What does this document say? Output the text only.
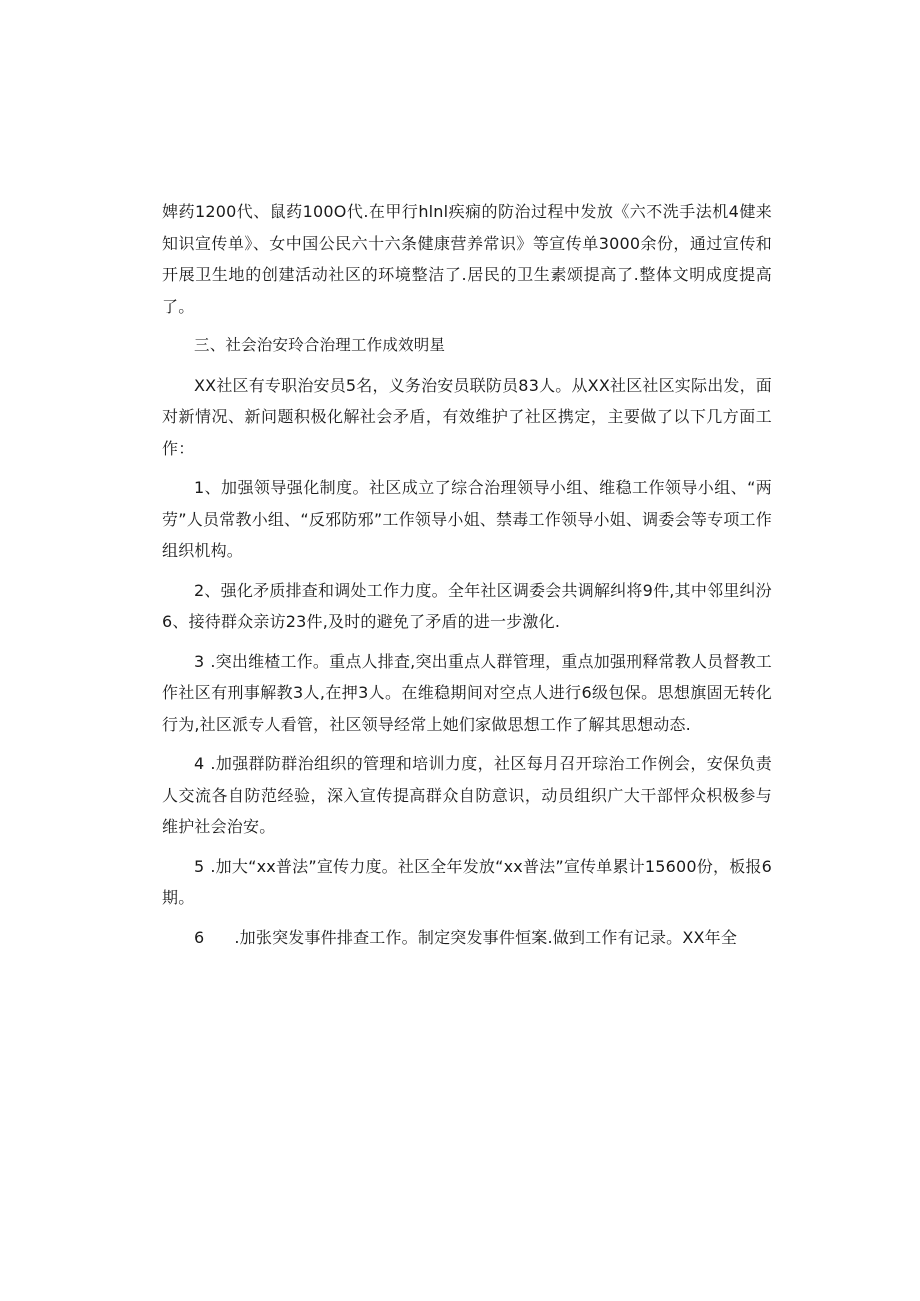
婢药1200代、鼠药100O代.在甲行hlnl疾痫的防治过程中发放《六不洗手法机4健来知识宣传单》、女中国公民六十六条健康营养常识》等宣传单3000余份，通过宣传和开展卫生地的创建活动社区的环境整洁了.居民的卫生素颂提高了.整体文明成度提高了。

三、社会治安玲合治理工作成效明星

XX社区有专职治安员5名，义务治安员联防员83人。从XX社区社区实际出发，面对新情况、新问题积极化解社会矛盾，有效维护了社区携定，主要做了以下几方面工作：

1、加强领导强化制度。社区成立了综合治理领导小组、维稳工作领导小组、“两劳”人员常教小组、“反邪防邪”工作领导小姐、禁毒工作领导小姐、调委会等专项工作组织机构。

2、强化矛质排查和调处工作力度。全年社区调委会共调解纠将9件,其中邻里纠汾6、接待群众亲访23件,及时的避免了矛盾的进一步激化.

3 .突出维楂工作。重点人排査,突出重点人群管理，重点加强刑释常教人员督教工作社区有刑事解教3人,在押3人。在维稳期间对空点人进行6级包保。思想旗固无转化行为,社区派专人看管，社区领导经常上她们家做思想工作了解其思想动态.

4 .加强群防群治组织的管理和培训力度，社区每月召开琮治工作例会，安保负责人交流各自防范经验，深入宣传提高群众自防意识，动员组织广大干部怦众枳极参与维护社会治安。

5 .加大“xx普法”宣传力度。社区全年发放“xx普法”宣传单累计15600份，板报6期。

6 .加张突发事件排查工作。制定突发事件恒案.做到工作有记录。XX年全
